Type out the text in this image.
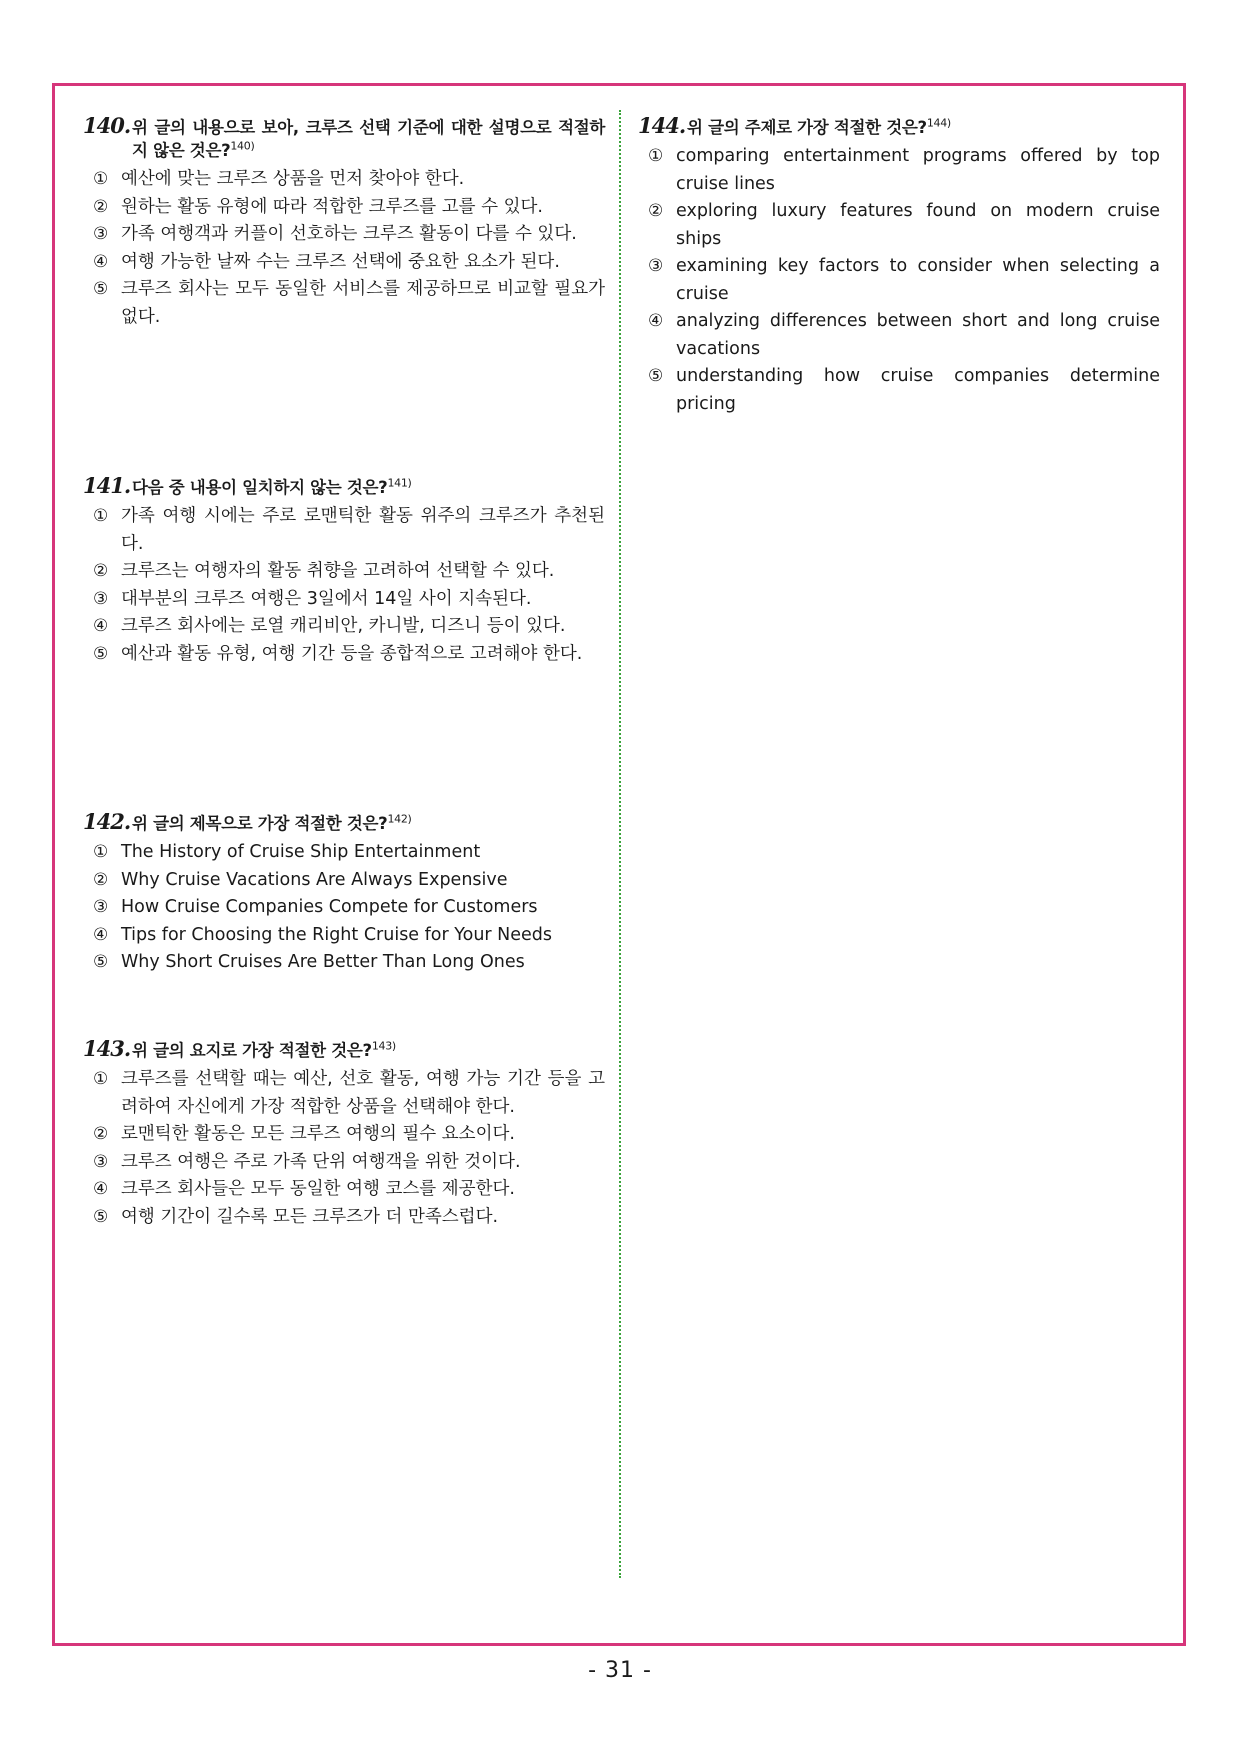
140. 위 글의 내용으로 보아, 크루즈 선택 기준에 대한 설명으로 적절하지 않은 것은?$^{140)}$
① 예산에 맞는 크루즈 상품을 먼저 찾아야 한다.
② 원하는 활동 유형에 따라 적합한 크루즈를 고를 수 있다.
③ 가족 여행객과 커플이 선호하는 크루즈 활동이 다를 수 있다.
④ 여행 가능한 날짜 수는 크루즈 선택에 중요한 요소가 된다.
⑤ 크루즈 회사는 모두 동일한 서비스를 제공하므로 비교할 필요가 없다.
141. 다음 중 내용이 일치하지 않는 것은?$^{141)}$
① 가족 여행 시에는 주로 로맨틱한 활동 위주의 크루즈가 추천된다.
② 크루즈는 여행자의 활동 취향을 고려하여 선택할 수 있다.
③ 대부분의 크루즈 여행은 3일에서 14일 사이 지속된다.
④ 크루즈 회사에는 로열 캐리비안, 카니발, 디즈니 등이 있다.
⑤ 예산과 활동 유형, 여행 기간 등을 종합적으로 고려해야 한다.
142. 위 글의 제목으로 가장 적절한 것은?$^{142)}$
① The History of Cruise Ship Entertainment
② Why Cruise Vacations Are Always Expensive
③ How Cruise Companies Compete for Customers
④ Tips for Choosing the Right Cruise for Your Needs
⑤ Why Short Cruises Are Better Than Long Ones
143. 위 글의 요지로 가장 적절한 것은?$^{143)}$
① 크루즈를 선택할 때는 예산, 선호 활동, 여행 가능 기간 등을 고려하여 자신에게 가장 적합한 상품을 선택해야 한다.
② 로맨틱한 활동은 모든 크루즈 여행의 필수 요소이다.
③ 크루즈 여행은 주로 가족 단위 여행객을 위한 것이다.
④ 크루즈 회사들은 모두 동일한 여행 코스를 제공한다.
⑤ 여행 기간이 길수록 모든 크루즈가 더 만족스럽다.
144. 위 글의 주제로 가장 적절한 것은?$^{144)}$
① comparing entertainment programs offered by top cruise lines
② exploring luxury features found on modern cruise ships
③ examining key factors to consider when selecting a cruise
④ analyzing differences between short and long cruise vacations
⑤ understanding how cruise companies determine pricing
- 31 -
